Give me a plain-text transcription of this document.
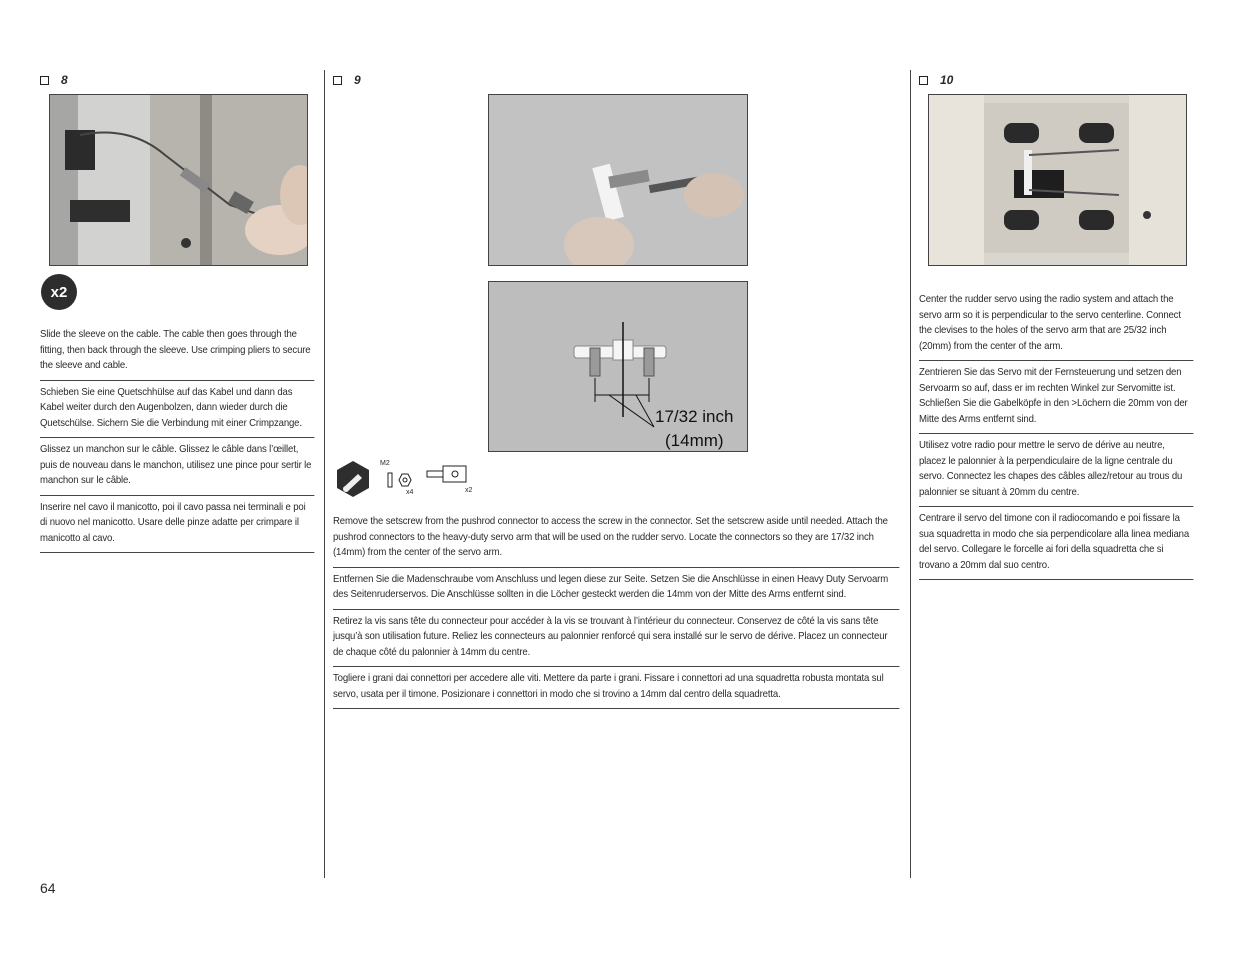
8
x2
Slide the sleeve on the cable. The cable then goes through the fitting, then back through the sleeve. Use crimping pliers to secure the sleeve and cable.
Schieben Sie eine Quetschhülse auf das Kabel und dann das Kabel weiter durch den Augenbolzen, dann wieder durch die Quetschülse. Sichern Sie die Verbindung mit einer Crimpzange.
Glissez un manchon sur le câble. Glissez le câble dans l’œillet, puis de nouveau dans le manchon, utilisez une pince pour sertir le manchon sur le câble.
Inserire nel cavo il manicotto, poi il cavo passa nei terminali e poi di nuovo nel manicotto. Usare delle pinze adatte per crimpare il manicotto al cavo.
9
17/32 inch
(14mm)
M2
x4	x2
Remove the setscrew from the pushrod connector to access the screw in the connector. Set the setscrew aside until needed. Attach the pushrod connectors to the heavy-duty servo arm that will be used on the rudder servo. Locate the connectors so they are 17/32 inch (14mm) from the center of the servo arm.
Entfernen Sie die Madenschraube vom Anschluss und legen diese zur Seite. Setzen Sie die Anschlüsse in einen Heavy Duty Servoarm des Seitenruderservos. Die Anschlüsse sollten in die Löcher gesteckt werden die 14mm von der Mitte des Arms entfernt sind.
Retirez la vis sans tête du connecteur pour accéder à la vis se trouvant à l’intérieur du connecteur. Conservez de côté la vis sans tête jusqu’à son utilisation future. Reliez les connecteurs au palonnier renforcé qui sera installé sur le servo de dérive. Placez un connecteur de chaque côté du palonnier à 14mm du centre.
Togliere i grani dai connettori per accedere alle viti. Mettere da parte i grani. Fissare i connettori ad una squadretta robusta montata sul servo, usata per il timone. Posizionare i connettori in modo che si trovino a 14mm dal centro della squadretta.
10
Center the rudder servo using the radio system and attach the servo arm so it is perpendicular to the servo centerline. Connect the clevises to the holes of the servo arm that are 25/32 inch (20mm) from the center of the arm.
Zentrieren Sie das Servo mit der Fernsteuerung und setzen den Servoarm so auf, dass er im rechten Winkel zur Servomitte ist. Schließen Sie die Gabelköpfe in den >Löchern die 20mm von der Mitte des Arms entfernt sind.
Utilisez votre radio pour mettre le servo de dérive au neutre, placez le palonnier à la perpendiculaire de la ligne centrale du servo. Connectez les chapes des câbles allez/retour au trous du palonnier se situant à 20mm du centre.
Centrare il servo del timone con il radiocomando e poi fissare la sua squadretta in modo che sia perpendicolare alla linea mediana del servo. Collegare le forcelle ai fori della squadretta che si trovano a 20mm dal suo centro.
64
